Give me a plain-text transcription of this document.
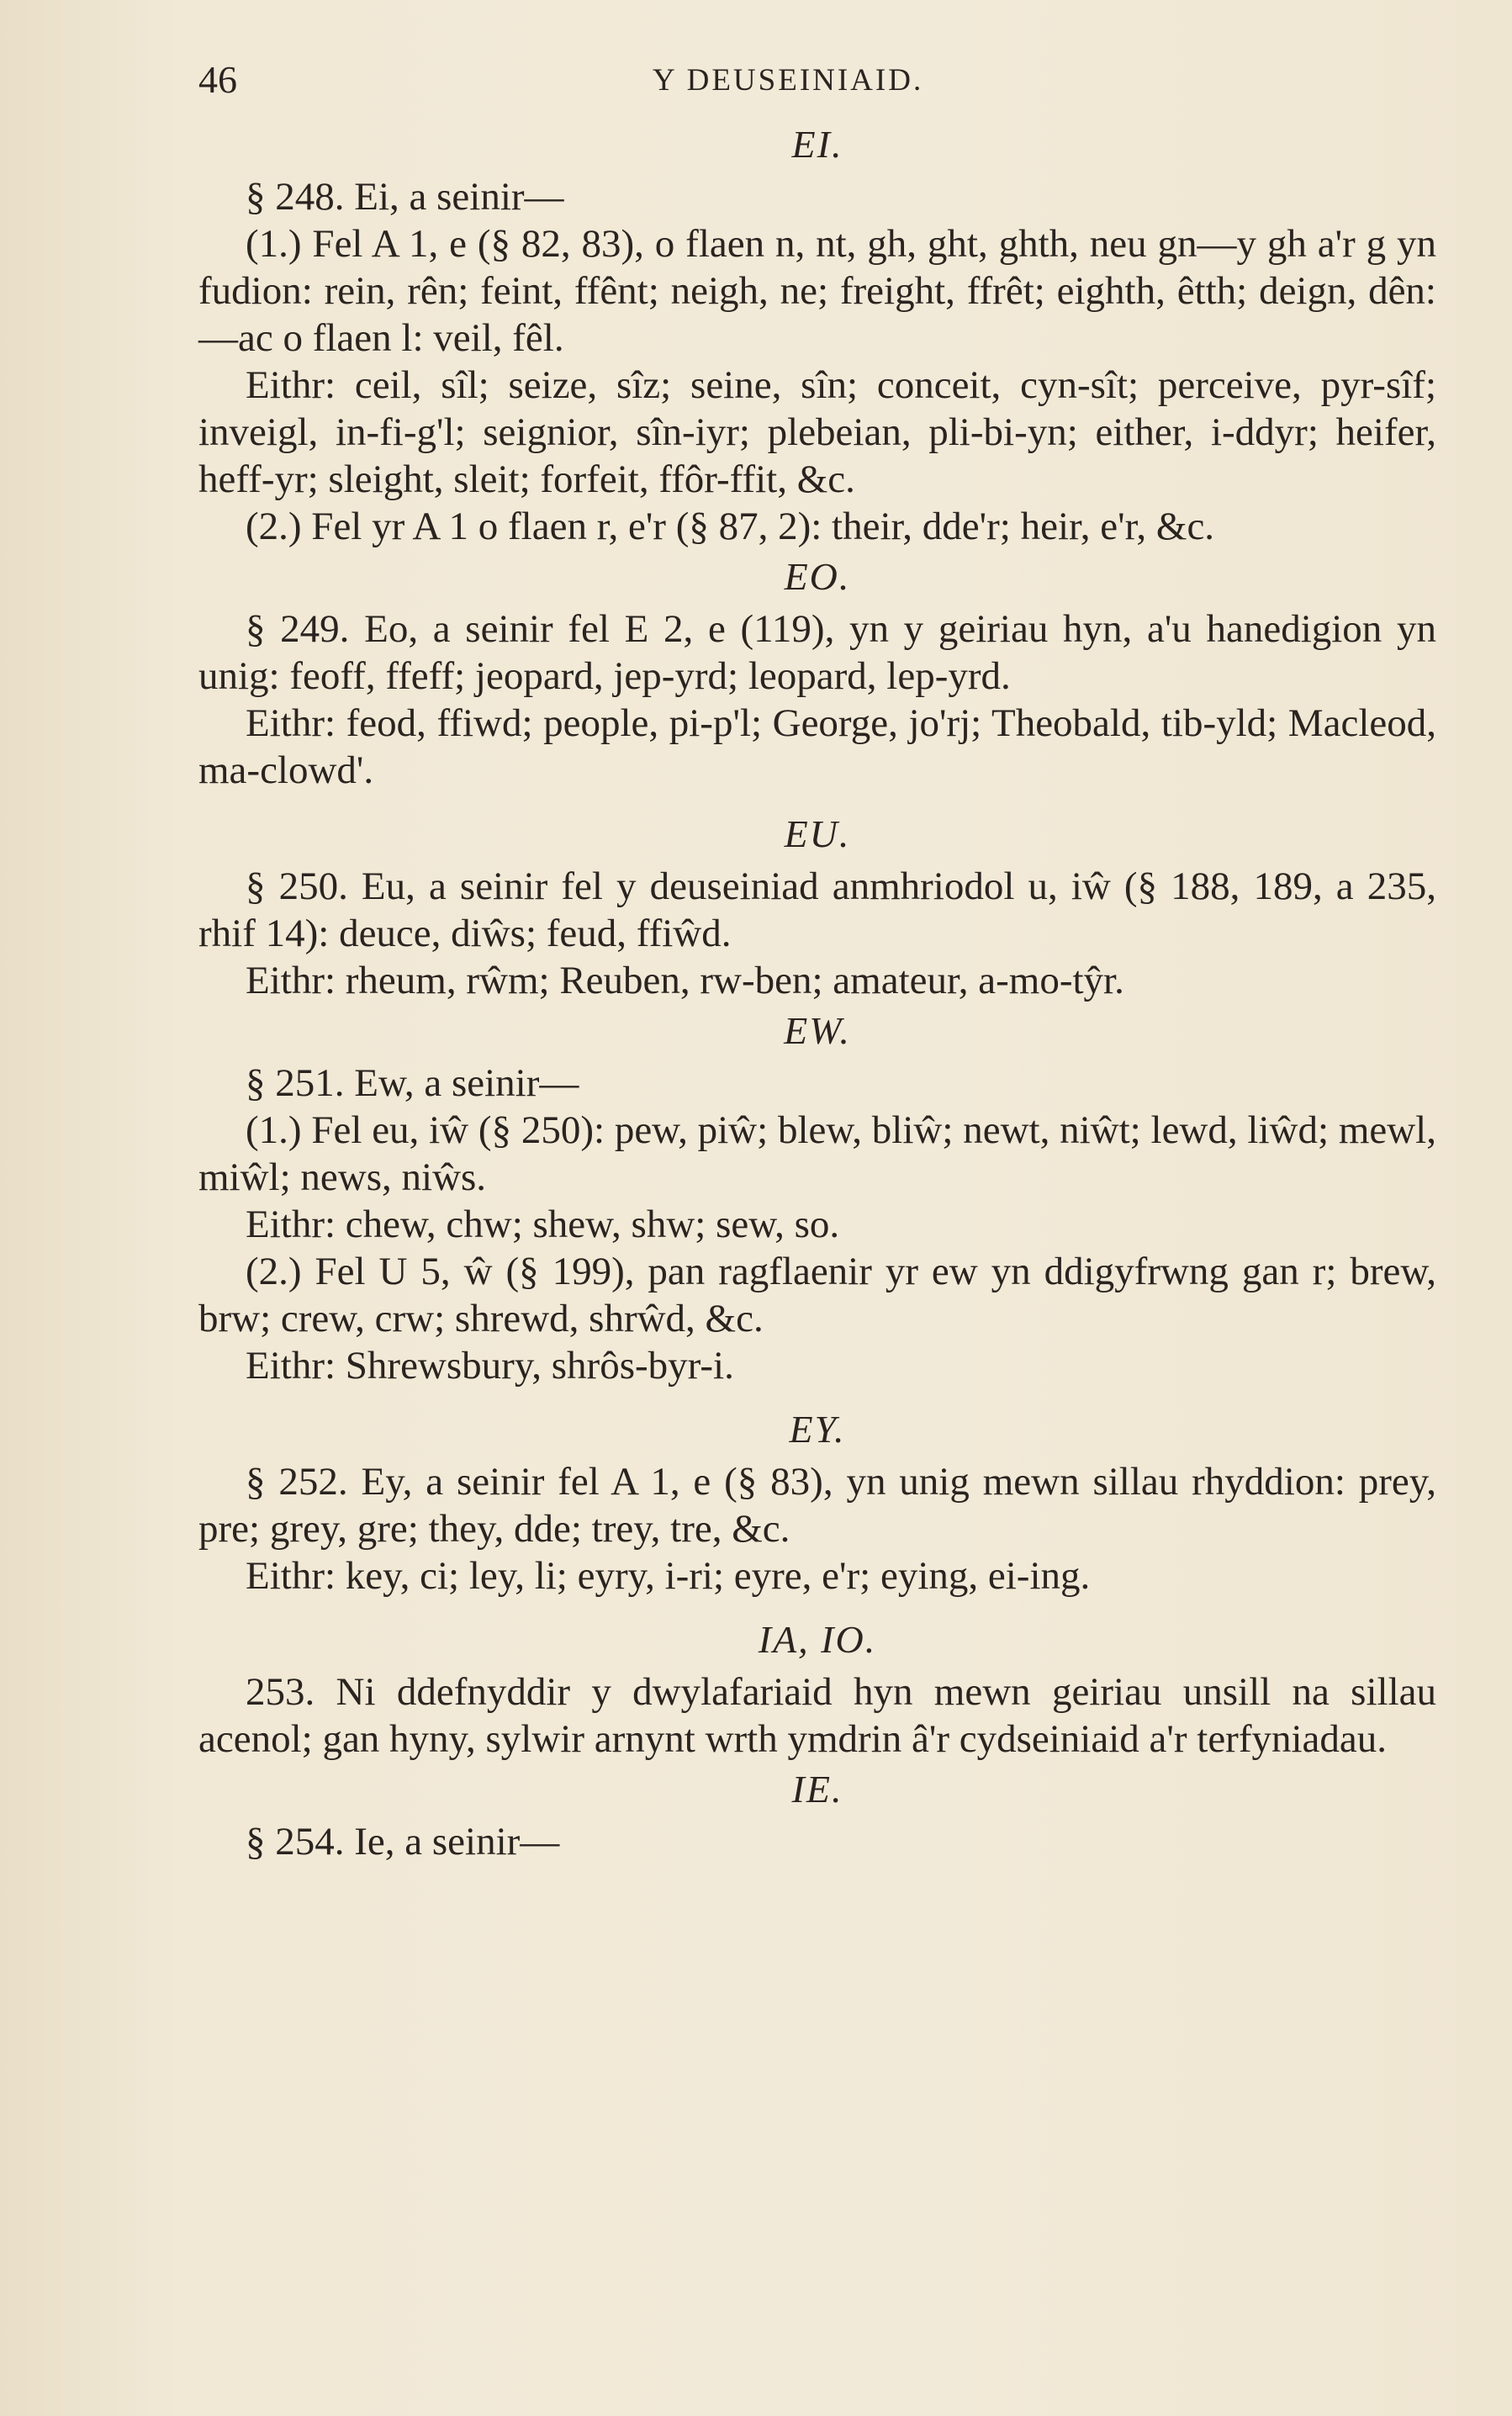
46	Y DEUSEINIAID.
EI.

§ 248. Ei, a seinir—

(1.) Fel A 1, e (§ 82, 83), o flaen n, nt, gh, ght, ghth, neu gn—y gh a'r g yn fudion: rein, rên; feint, ffênt; neigh, ne; freight, ffrêt; eighth, êtth; deign, dên:—ac o flaen l: veil, fêl.

Eithr: ceil, sîl; seize, sîz; seine, sîn; conceit, cyn-sît; perceive, pyr-sîf; inveigl, in-fi-g'l; seignior, sîn-iyr; plebeian, pli-bi-yn; either, i-ddyr; heifer, heff-yr; sleight, sleit; forfeit, ffôr-ffit, &c.

(2.) Fel yr A 1 o flaen r, e'r (§ 87, 2): their, dde'r; heir, e'r, &c.

EO.

§ 249. Eo, a seinir fel E 2, e (119), yn y geiriau hyn, a'u hanedigion yn unig: feoff, ffeff; jeopard, jep-yrd; leopard, lep-yrd.

Eithr: feod, ffiwd; people, pi-p'l; George, jo'rj; Theobald, tib-yld; Macleod, ma-clowd'.

EU.

§ 250. Eu, a seinir fel y deuseiniad anmhriodol u, iŵ (§ 188, 189, a 235, rhif 14): deuce, diŵs; feud, ffiŵd.

Eithr: rheum, rŵm; Reuben, rw-ben; amateur, a-mo-tŷr.

EW.

§ 251. Ew, a seinir—

(1.) Fel eu, iŵ (§ 250): pew, piŵ; blew, bliŵ; newt, niŵt; lewd, liŵd; mewl, miŵl; news, niŵs.

Eithr: chew, chw; shew, shw; sew, so.

(2.) Fel U 5, ŵ (§ 199), pan ragflaenir yr ew yn ddigyfrwng gan r; brew, brw; crew, crw; shrewd, shrŵd, &c.

Eithr: Shrewsbury, shrôs-byr-i.

EY.

§ 252. Ey, a seinir fel A 1, e (§ 83), yn unig mewn sillau rhyddion: prey, pre; grey, gre; they, dde; trey, tre, &c.

Eithr: key, ci; ley, li; eyry, i-ri; eyre, e'r; eying, ei-ing.

IA, IO.

253. Ni ddefnyddir y dwylafariaid hyn mewn geiriau unsill na sillau acenol; gan hyny, sylwir arnynt wrth ymdrin â'r cydseiniaid a'r terfyniadau.

IE.

§ 254. Ie, a seinir—
